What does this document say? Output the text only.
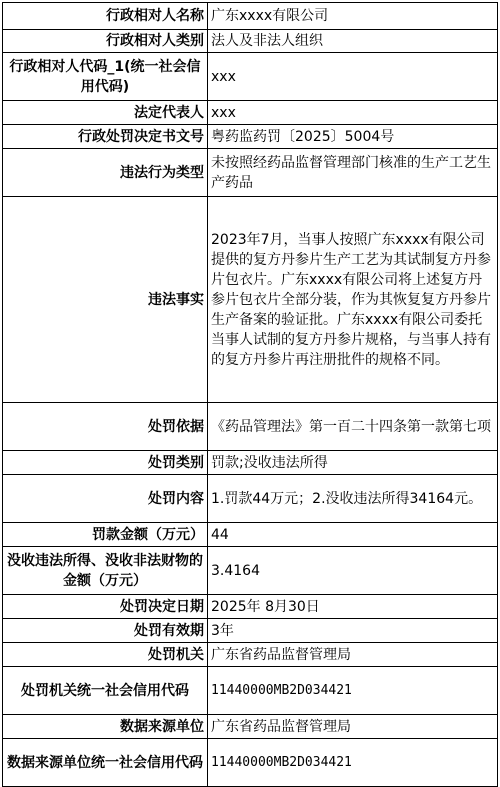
行政相对人名称	广东xxxx有限公司
行政相对人类别	法人及非法人组织
行政相对人代码_1(统一社会信用代码)	xxx
法定代表人	xxx
行政处罚决定书文号	粤药监药罚〔2025〕5004号
违法行为类型	未按照经药品监督管理部门核准的生产工艺生产药品
违法事实	2023年7月，当事人按照广东xxxx有限公司提供的复方丹参片生产工艺为其试制复方丹参片包衣片。广东xxxx有限公司将上述复方丹参片包衣片全部分装，作为其恢复复方丹参片生产备案的验证批。广东xxxx有限公司委托当事人试制的复方丹参片规格，与当事人持有的复方丹参片再注册批件的规格不同。
处罚依据	《药品管理法》第一百二十四条第一款第七项
处罚类别	罚款;没收违法所得
处罚内容	1.罚款44万元；2.没收违法所得34164元。
罚款金额（万元）	44
没收违法所得、没收非法财物的金额（万元）	3.4164
处罚决定日期	2025年 8月30日
处罚有效期	3年
处罚机关	广东省药品监督管理局
处罚机关统一社会信用代码	11440000MB2D034421
数据来源单位	广东省药品监督管理局
数据来源单位统一社会信用代码	11440000MB2D034421
